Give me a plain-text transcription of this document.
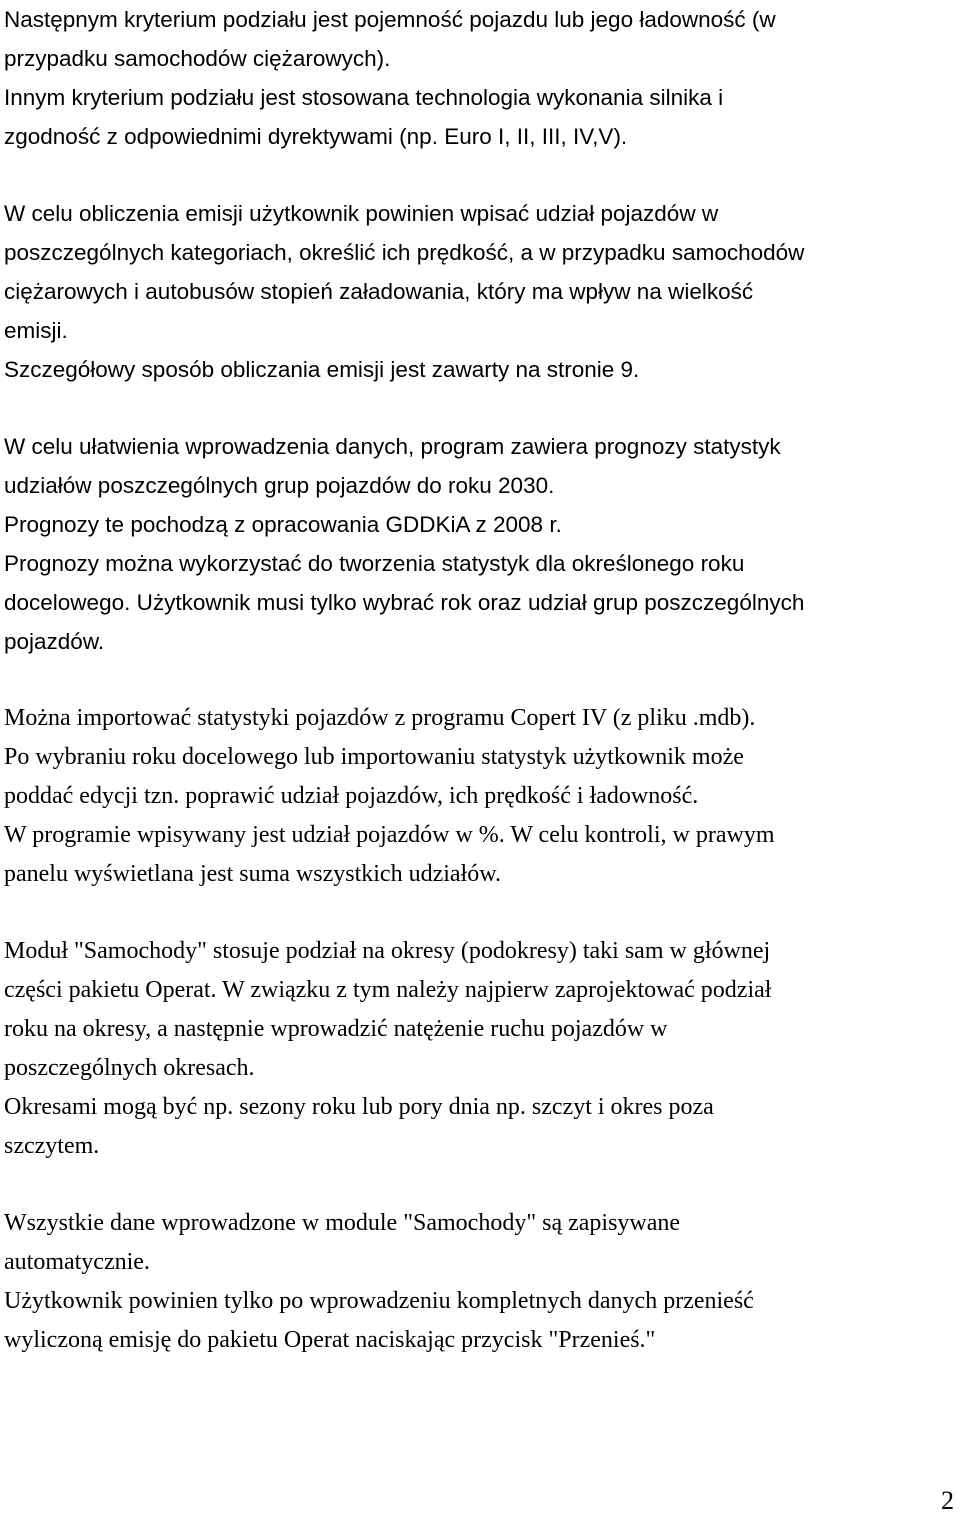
Następnym kryterium podziału jest pojemność pojazdu lub jego ładowność (w
przypadku samochodów ciężarowych).
Innym kryterium podziału jest stosowana technologia wykonania silnika i
zgodność z odpowiednimi dyrektywami (np. Euro I, II, III, IV,V).
W celu obliczenia emisji użytkownik powinien wpisać udział pojazdów w
poszczególnych kategoriach, określić ich prędkość, a w przypadku samochodów
ciężarowych i autobusów stopień załadowania, który ma wpływ na wielkość
emisji.
Szczegółowy sposób obliczania emisji jest zawarty na stronie 9.
W celu ułatwienia wprowadzenia danych, program zawiera prognozy statystyk
udziałów poszczególnych grup pojazdów do roku 2030.
Prognozy te pochodzą z opracowania GDDKiA z 2008 r.
Prognozy można wykorzystać do tworzenia statystyk dla określonego roku
docelowego. Użytkownik musi tylko wybrać rok oraz udział grup poszczególnych
pojazdów.
Można importować statystyki pojazdów z programu Copert IV (z pliku .mdb).
Po wybraniu roku docelowego lub importowaniu statystyk użytkownik może
poddać edycji tzn. poprawić udział pojazdów, ich prędkość i ładowność.
W programie wpisywany jest udział pojazdów w %. W celu kontroli, w prawym
panelu wyświetlana jest suma wszystkich udziałów.
Moduł "Samochody" stosuje podział na okresy (podokresy) taki sam w głównej
części pakietu Operat. W związku z tym należy najpierw zaprojektować podział
roku na okresy, a następnie wprowadzić natężenie ruchu pojazdów w
poszczególnych okresach.
Okresami mogą być np. sezony roku lub pory dnia np. szczyt i okres poza
szczytem.
Wszystkie dane wprowadzone w module "Samochody" są zapisywane
automatycznie.
Użytkownik powinien tylko po wprowadzeniu kompletnych danych przenieść
wyliczoną emisję do pakietu Operat naciskając przycisk "Przenieś."
2
